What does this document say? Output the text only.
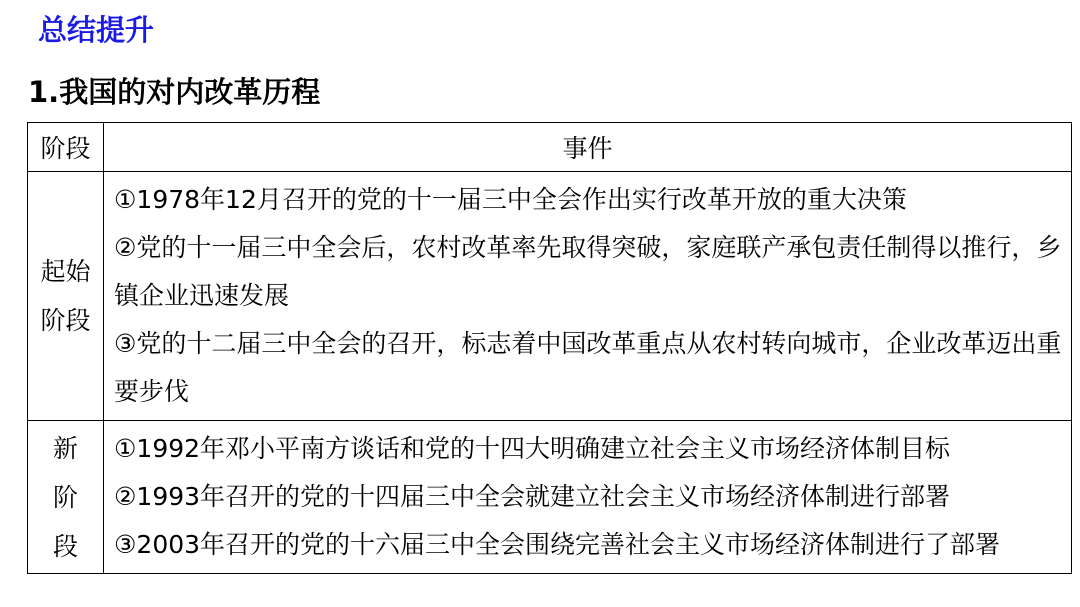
总结提升
1.我国的对内改革历程
阶段	事件
起始阶段	①1978年12月召开的党的十一届三中全会作出实行改革开放的重大决策
②党的十一届三中全会后，农村改革率先取得突破，家庭联产承包责任制得以推行，乡镇企业迅速发展
③党的十二届三中全会的召开，标志着中国改革重点从农村转向城市，企业改革迈出重要步伐

新阶段	①1992年邓小平南方谈话和党的十四大明确建立社会主义市场经济体制目标
②1993年召开的党的十四届三中全会就建立社会主义市场经济体制进行部署
③2003年召开的党的十六届三中全会围绕完善社会主义市场经济体制进行了部署
